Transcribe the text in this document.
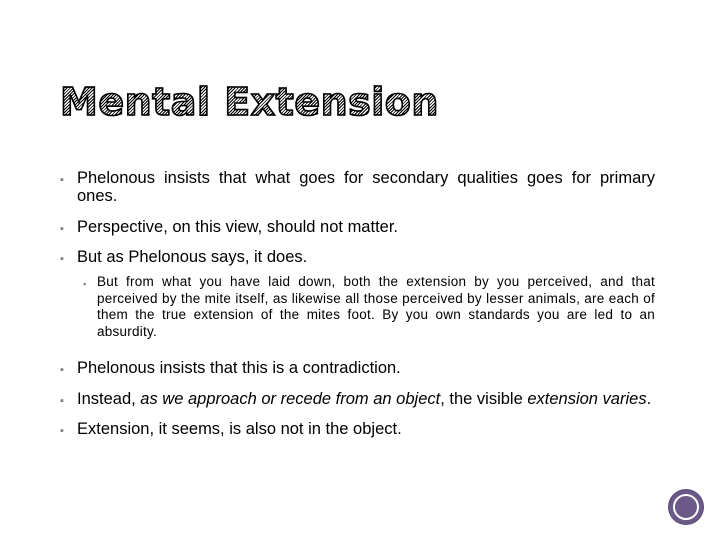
Mental Extension
▪ Phelonous insists that what goes for secondary qualities goes for primary ones.
▪ Perspective, on this view, should not matter.
▪ But as Phelonous says, it does.
▪ But from what you have laid down, both the extension by you perceived, and that perceived by the mite itself, as likewise all those perceived by lesser animals, are each of them the true extension of the mites foot. By you own standards you are led to an absurdity.
▪ Phelonous insists that this is a contradiction.
▪ Instead, as we approach or recede from an object, the visible extension varies.
▪ Extension, it seems, is also not in the object.
